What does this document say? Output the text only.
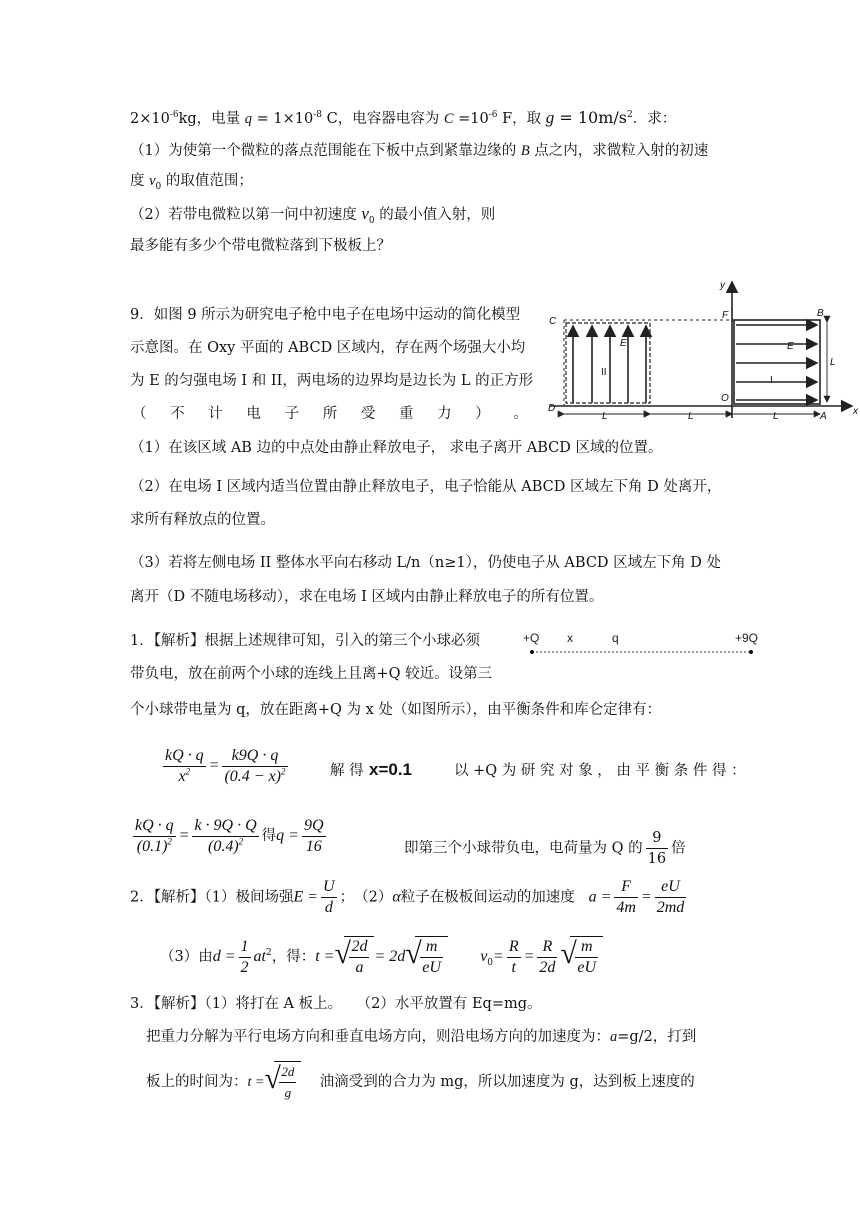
$2\times 10^{-6}kg$，电量 $q = 1\times 10^{-8}$ C，电容器电容为 $C =10^{-6}$ F，取 $g = 10m/s^2$．求：
（1）为使第一个微粒的落点范围能在下板中点到紧靠边缘的 B 点之内，求微粒入射的初速
度 $v_0$ 的取值范围；
（2）若带电微粒以第一问中初速度 $v_0$ 的最小值入射，则
最多能有多少个带电微粒落到下极板上？
9．如图 9 所示为研究电子枪中电子在电场中运动的简化模型
示意图。在 Oxy 平面的 ABCD 区域内，存在两个场强大小均
为 E 的匀强电场 I 和 II，两电场的边界均是边长为 L 的正方形
（ 不 计 电 子 所 受 重 力 ） 。
（1）在该区域 AB 边的中点处由静止释放电子， 求电子离开 ABCD 区域的位置。
（2）在电场 I 区域内适当位置由静止释放电子，电子恰能从 ABCD 区域左下角 D 处离开，
求所有释放点的位置。
（3）若将左侧电场 II 整体水平向右移动 L/n（n≥1），仍使电子从 ABCD 区域左下角 D 处
离开（D 不随电场移动），求在电场 I 区域内由静止释放电子的所有位置。
y
x
C
F	B
D
O
A
E	E
II
I
L	L	L
L
1．【解析】根据上述规律可知，引入的第三个小球必须
带负电，放在前两个小球的连线上且离+Q 较近。设第三
个小球带电量为 q，放在距离+Q 为 x 处（如图所示），由平衡条件和库仑定律有：
+Q x	q	+9Q
$\frac{kQ \cdot q}{x^2} = \frac{k9Q \cdot q}{(0.4 - x)^2}$	解 得 x=0.1	以 +Q 为 研 究 对 象 ， 由 平 衡 条 件 得 ：
$\frac{kQ \cdot q}{(0.1)^2} = \frac{k \cdot 9Q \cdot Q}{(0.4)^2}$ 得$q = \frac{9Q}{16}$	即第三个小球带负电，电荷量为 Q 的 $\frac{9}{16}$ 倍
2．【解析】（1）极间场强$E = \frac{U}{d}$ ；　（2）α粒子在极板间运动的加速度 $a = \frac{F}{4m} = \frac{eU}{2md}$
（3）由$d = \frac{1}{2} at^2$，得：t = √
$\frac{2d}{a} = 2d$ √
$\frac{m}{eU} v_0= \frac{R}{t} = \frac{R}{2d}$ √
$\frac{m}{eU}$
3．【解析】（1）将打在 A 板上。　　（2）水平放置有 Eq=mg。
把重力分解为平行电场方向和垂直电场方向，则沿电场方向的加速度为：a=g/2，打到
板上的时间为：t = √
$\frac{2d}{g}$ 油滴受到的合力为 mg，所以加速度为 g，达到板上速度的
